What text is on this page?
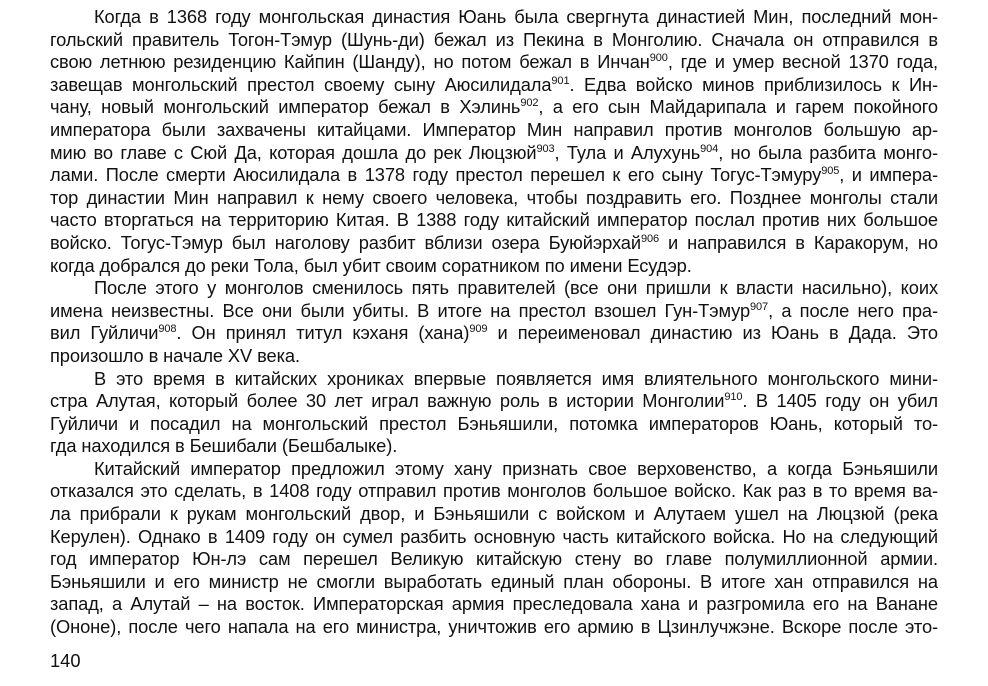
Когда в 1368 году монгольская династия Юань была свергнута династией Мин, последний мон-
гольский правитель Тогон-Тэмур (Шунь-ди) бежал из Пекина в Монголию. Сначала он отправился в
свою летнюю резиденцию Кайпин (Шанду), но потом бежал в Инчан$^{900}$, где и умер весной 1370 года,
завещав монгольский престол своему сыну Аюсилидала$^{901}$. Едва войско минов приблизилось к Ин-
чану, новый монгольский император бежал в Хэлинь$^{902}$, а его сын Майдарипала и гарем покойного
императора были захвачены китайцами. Император Мин направил против монголов большую ар-
мию во главе с Сюй Да, которая дошла до рек Люцзюй$^{903}$, Тула и Алухунь$^{904}$, но была разбита монго-
лами. После смерти Аюсилидала в 1378 году престол перешел к его сыну Тогус-Тэмуру$^{905}$, и импера-
тор династии Мин направил к нему своего человека, чтобы поздравить его. Позднее монголы стали
часто вторгаться на территорию Китая. В 1388 году китайский император послал против них большое
войско. Тогус-Тэмур был наголову разбит вблизи озера Буюйэрхай$^{906}$ и направился в Каракорум, но
когда добрался до реки Тола, был убит своим соратником по имени Есудэр.
После этого у монголов сменилось пять правителей (все они пришли к власти насильно), коих
имена неизвестны. Все они были убиты. В итоге на престол взошел Гун-Тэмур$^{907}$, а после него пра-
вил Гуйличи$^{908}$. Он принял титул кэханя (хана)$^{909}$ и переименовал династию из Юань в Дада. Это
произошло в начале XV века.
В это время в китайских хрониках впервые появляется имя влиятельного монгольского мини-
стра Алутая, который более 30 лет играл важную роль в истории Монголии$^{910}$. В 1405 году он убил
Гуйличи и посадил на монгольский престол Бэньяшили, потомка императоров Юань, который то-
гда находился в Бешибали (Бешбалыке).
Китайский император предложил этому хану признать свое верховенство, а когда Бэньяшили
отказался это сделать, в 1408 году отправил против монголов большое войско. Как раз в то время ва-
ла прибрали к рукам монгольский двор, и Бэньяшили с войском и Алутаем ушел на Люцзюй (река
Керулен). Однако в 1409 году он сумел разбить основную часть китайского войска. Но на следующий
год император Юн-лэ сам перешел Великую китайскую стену во главе полумиллионной армии.
Бэньяшили и его министр не смогли выработать единый план обороны. В итоге хан отправился на
запад, а Алутай – на восток. Императорская армия преследовала хана и разгромила его на Ванане
(Ононе), после чего напала на его министра, уничтожив его армию в Цзинлучжэне. Вскоре после это-
140
